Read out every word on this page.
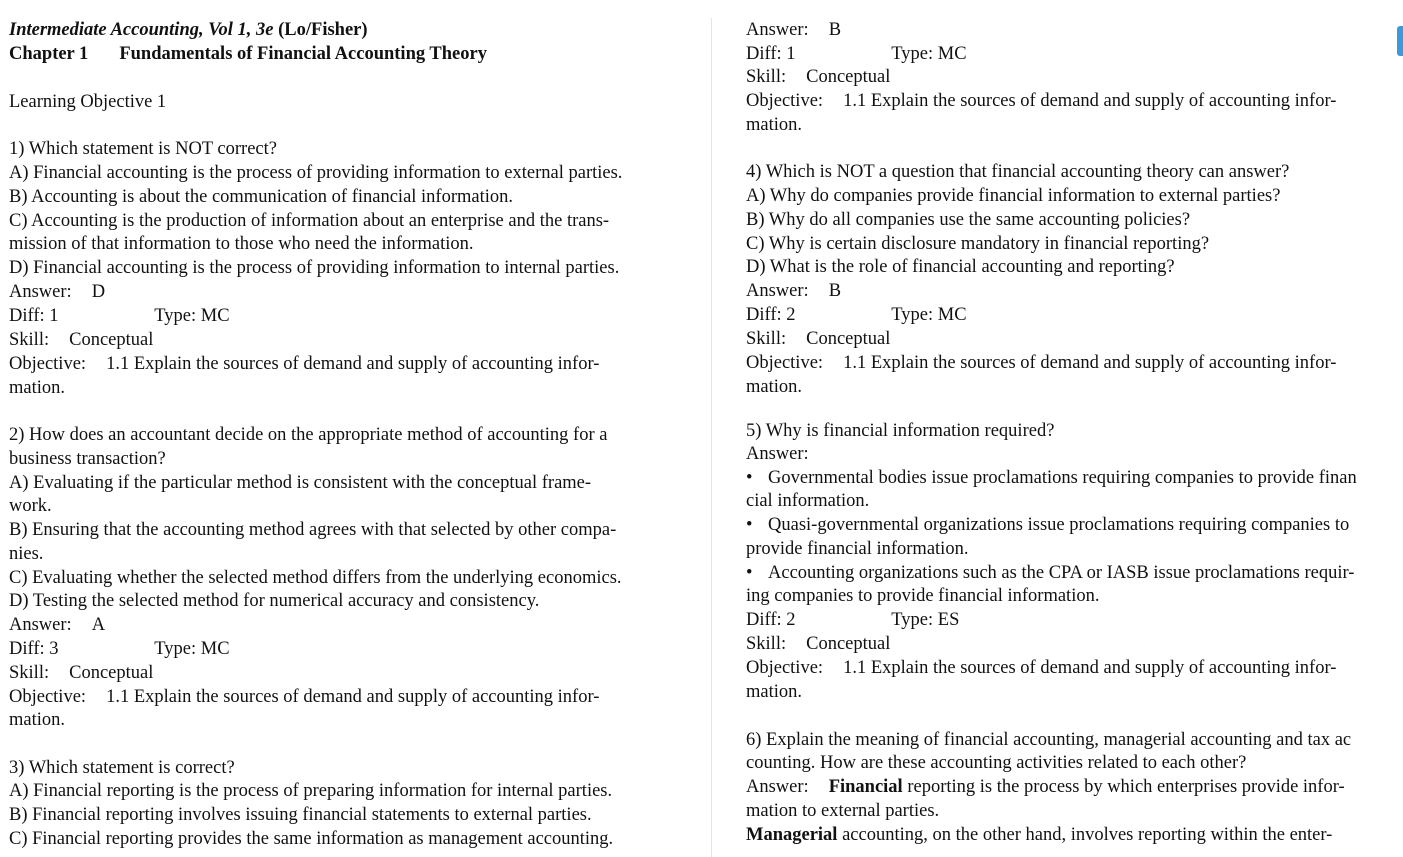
Intermediate Accounting, Vol 1, 3e (Lo/Fisher)
Chapter 1 Fundamentals of Financial Accounting Theory
Learning Objective 1
1) Which statement is NOT correct?
A) Financial accounting is the process of providing information to external parties.
B) Accounting is about the communication of financial information.
C) Accounting is the production of information about an enterprise and the trans-
mission of that information to those who need the information.
D) Financial accounting is the process of providing information to internal parties.
Answer: D
Diff: 1	Type: MC
Skill: Conceptual
Objective: 1.1 Explain the sources of demand and supply of accounting infor-
mation.
2) How does an accountant decide on the appropriate method of accounting for a
business transaction?
A) Evaluating if the particular method is consistent with the conceptual frame-
work.
B) Ensuring that the accounting method agrees with that selected by other compa-
nies.
C) Evaluating whether the selected method differs from the underlying economics.
D) Testing the selected method for numerical accuracy and consistency.
Answer: A
Diff: 3	Type: MC
Skill: Conceptual
Objective: 1.1 Explain the sources of demand and supply of accounting infor-
mation.
3) Which statement is correct?
A) Financial reporting is the process of preparing information for internal parties.
B) Financial reporting involves issuing financial statements to external parties.
C) Financial reporting provides the same information as management accounting.
Answer: B
Diff: 1	Type: MC
Skill: Conceptual
Objective: 1.1 Explain the sources of demand and supply of accounting infor-
mation.
4) Which is NOT a question that financial accounting theory can answer?
A) Why do companies provide financial information to external parties?
B) Why do all companies use the same accounting policies?
C) Why is certain disclosure mandatory in financial reporting?
D) What is the role of financial accounting and reporting?
Answer: B
Diff: 2	Type: MC
Skill: Conceptual
Objective: 1.1 Explain the sources of demand and supply of accounting infor-
mation.
5) Why is financial information required?
Answer:
• Governmental bodies issue proclamations requiring companies to provide finan
cial information.
• Quasi-governmental organizations issue proclamations requiring companies to
provide financial information.
• Accounting organizations such as the CPA or IASB issue proclamations requir-
ing companies to provide financial information.
Diff: 2	Type: ES
Skill: Conceptual
Objective: 1.1 Explain the sources of demand and supply of accounting infor-
mation.
6) Explain the meaning of financial accounting, managerial accounting and tax ac
counting. How are these accounting activities related to each other?
Answer: Financial reporting is the process by which enterprises provide infor-
mation to external parties.
Managerial accounting, on the other hand, involves reporting within the enter-
